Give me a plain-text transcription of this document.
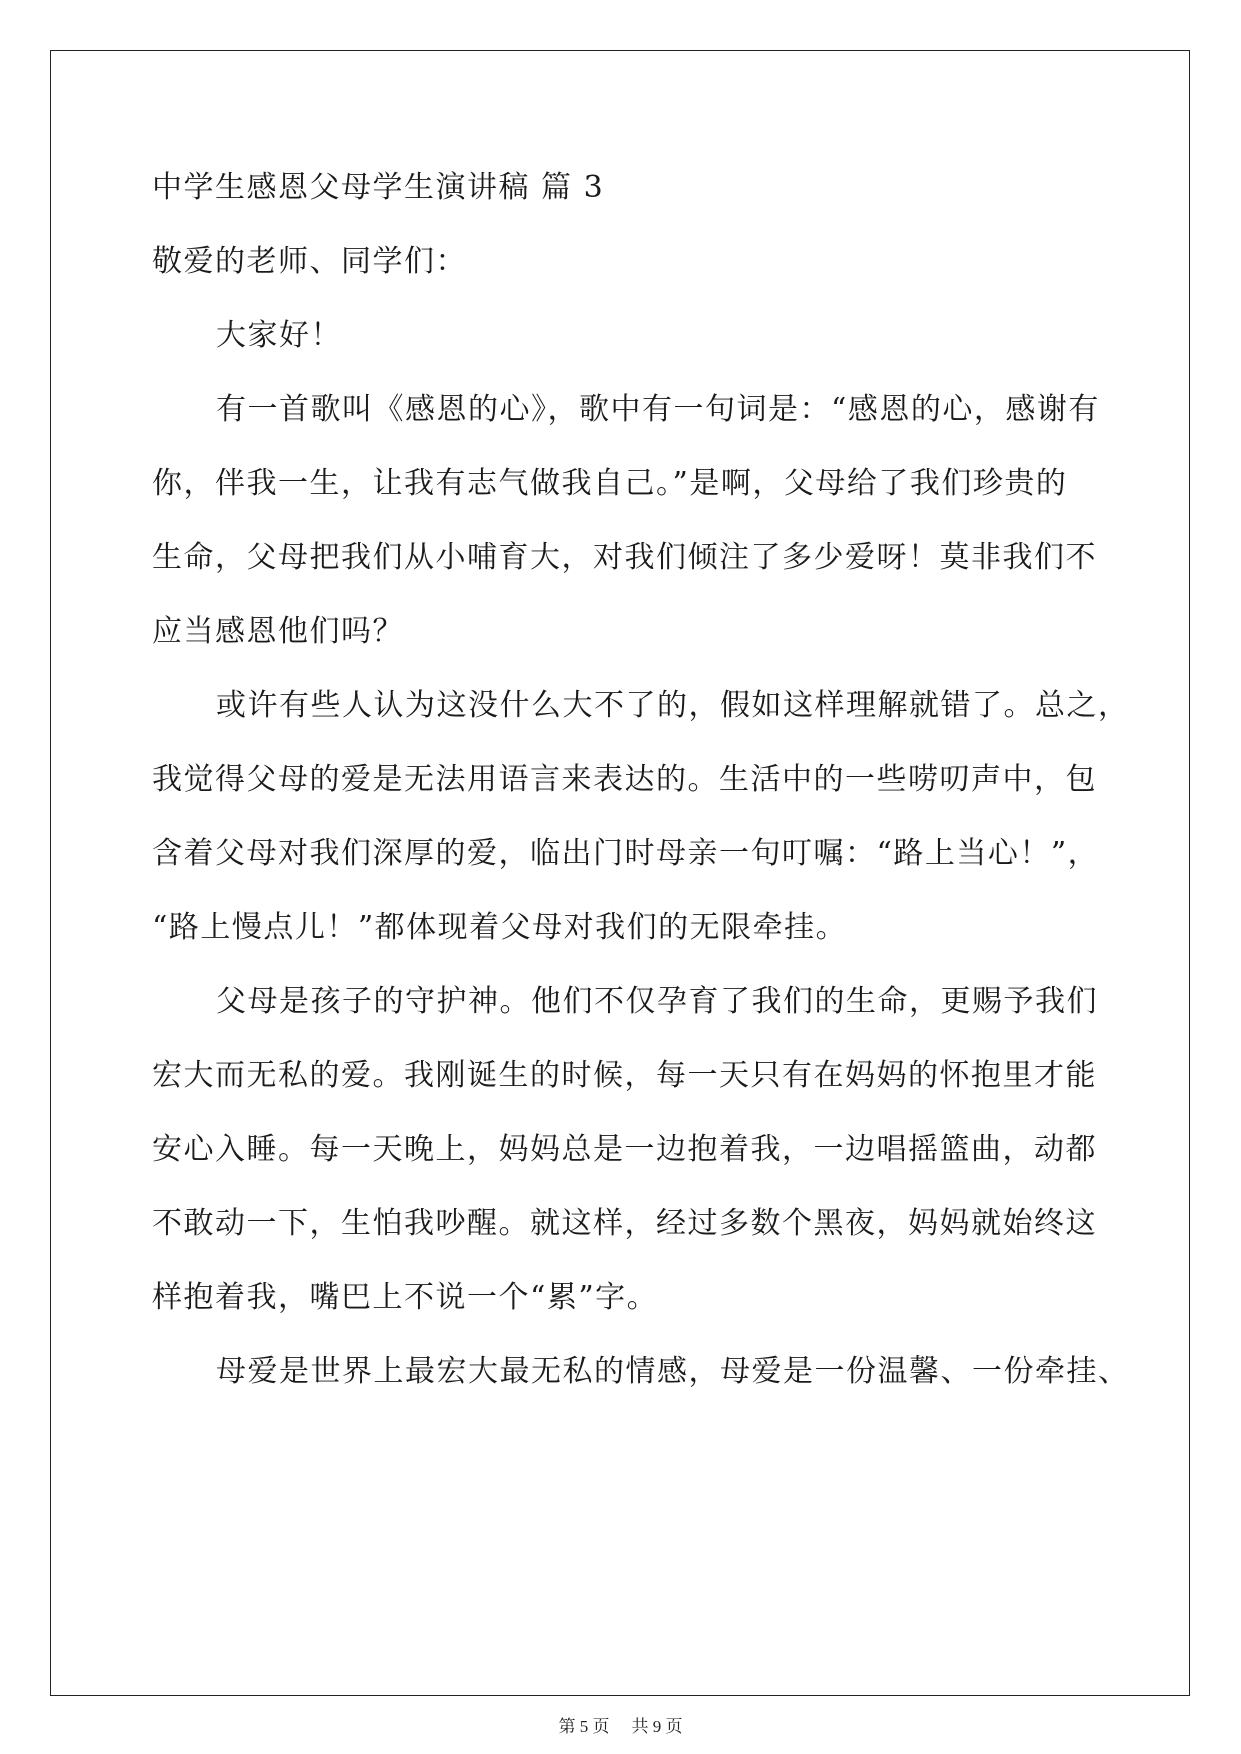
中学生感恩父母学生演讲稿 篇 3
敬爱的老师、同学们：
大家好！
有一首歌叫《感恩的心》，歌中有一句词是：“感恩的心，感谢有
你，伴我一生，让我有志气做我自己。”是啊，父母给了我们珍贵的
生命，父母把我们从小哺育大，对我们倾注了多少爱呀！莫非我们不
应当感恩他们吗？
或许有些人认为这没什么大不了的，假如这样理解就错了。总之，
我觉得父母的爱是无法用语言来表达的。生活中的一些唠叨声中，包
含着父母对我们深厚的爱，临出门时母亲一句叮嘱：“路上当心！”，
“路上慢点儿！”都体现着父母对我们的无限牵挂。
父母是孩子的守护神。他们不仅孕育了我们的生命，更赐予我们
宏大而无私的爱。我刚诞生的时候，每一天只有在妈妈的怀抱里才能
安心入睡。每一天晚上，妈妈总是一边抱着我，一边唱摇篮曲，动都
不敢动一下，生怕我吵醒。就这样，经过多数个黑夜，妈妈就始终这
样抱着我，嘴巴上不说一个“累”字。
母爱是世界上最宏大最无私的情感，母爱是一份温馨、一份牵挂、
第 5 页 共 9 页
